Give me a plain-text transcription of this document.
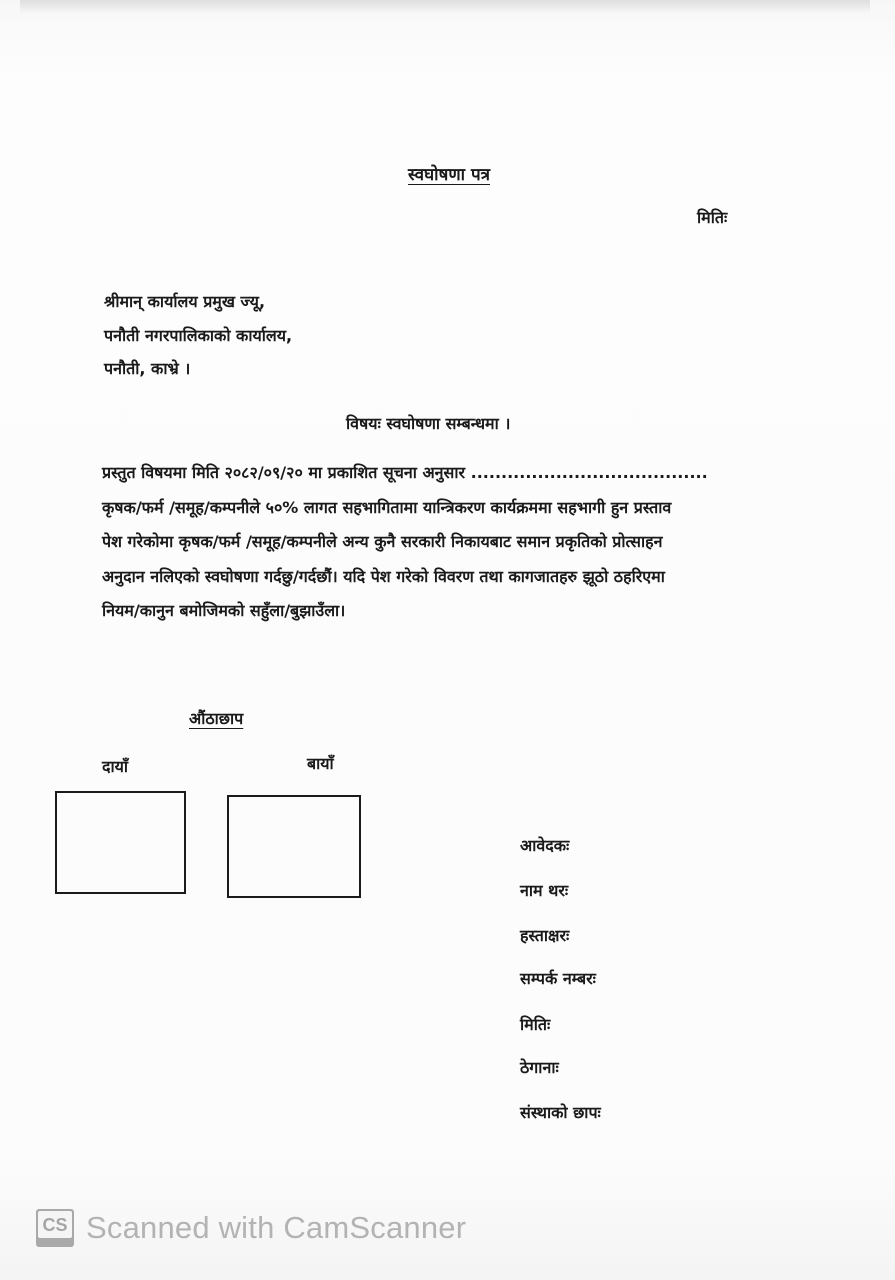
स्वघोषणा पत्र
मितिः
श्रीमान् कार्यालय प्रमुख ज्यू,
पनौती नगरपालिकाको कार्यालय,
पनौती, काभ्रे ।
विषयः स्वघोषणा सम्बन्धमा ।
प्रस्तुत विषयमा मिति २०८२/०९/२० मा प्रकाशित सूचना अनुसार .......................................
कृषक/फर्म /समूह/कम्पनीले ५०% लागत सहभागितामा यान्त्रिकरण कार्यक्रममा सहभागी हुन प्रस्ताव
पेश गरेकोमा कृषक/फर्म /समूह/कम्पनीले अन्य कुनै सरकारी निकायबाट समान प्रकृतिको प्रोत्साहन
अनुदान नलिएको स्वघोषणा गर्दछु/गर्दछौं। यदि पेश गरेको विवरण तथा कागजातहरु झूठो ठहरिएमा
नियम/कानुन बमोजिमको सहुँला/बुझाउँला।
औंठाछाप
दायाँ	बायाँ
आवेदकः
नाम थरः
हस्ताक्षरः
सम्पर्क नम्बरः
मितिः
ठेगानाः
संस्थाको छापः
CS Scanned with CamScanner
